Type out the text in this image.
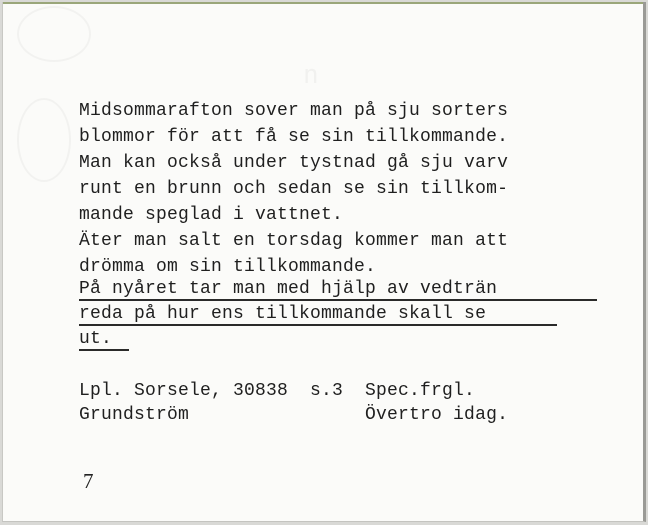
Midsommarafton sover man på sju sorters
blommor för att få se sin tillkommande.
Man kan också under tystnad gå sju varv
runt en brunn och sedan se sin tillkom-
mande speglad i vattnet.
Äter man salt en torsdag kommer man att
drömma om sin tillkommande.
På nyåret tar man med hjälp av vedträn
reda på hur ens tillkommande skall se
ut.
Lpl. Sorsele, 30838  s.3  Spec.frgl.
Grundström                Övertro idag.
7
